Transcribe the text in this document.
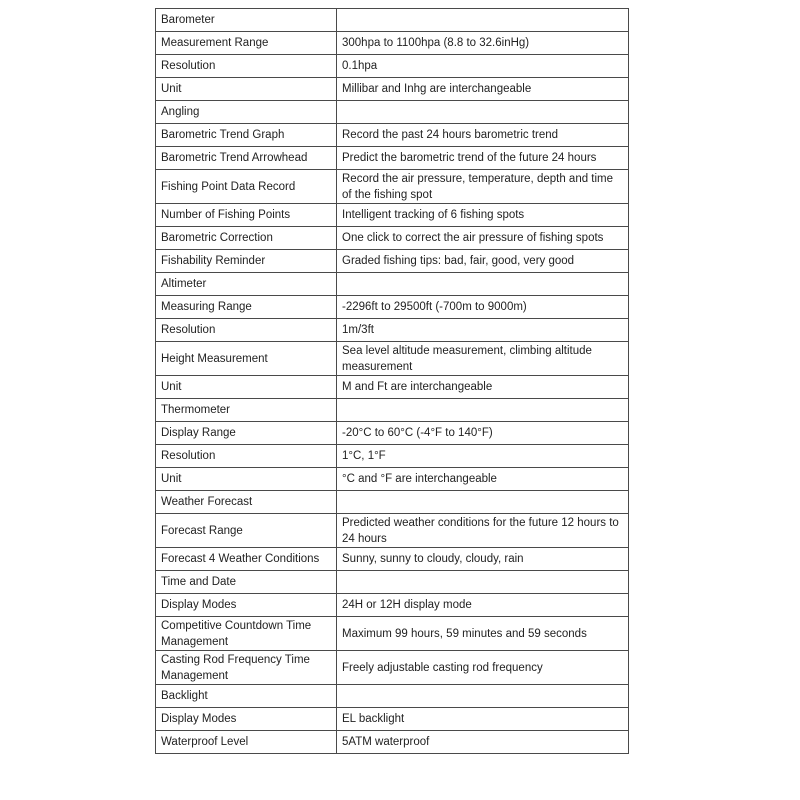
Barometer	
Measurement Range	300hpa to 1100hpa (8.8 to 32.6inHg)
Resolution	0.1hpa
Unit	Millibar and Inhg are interchangeable
Angling	
Barometric Trend Graph	Record the past 24 hours barometric trend
Barometric Trend Arrowhead	Predict the barometric trend of the future 24 hours
Fishing Point Data Record	Record the air pressure, temperature, depth and time of the fishing spot
Number of Fishing Points	Intelligent tracking of 6 fishing spots
Barometric Correction	One click to correct the air pressure of fishing spots
Fishability Reminder	Graded fishing tips: bad, fair, good, very good
Altimeter	
Measuring Range	-2296ft to 29500ft (-700m to 9000m)
Resolution	1m/3ft
Height Measurement	Sea level altitude measurement, climbing altitude measurement
Unit	M and Ft are interchangeable
Thermometer	
Display Range	-20°C to 60°C (-4°F to 140°F)
Resolution	1°C, 1°F
Unit	°C and °F are interchangeable
Weather Forecast	
Forecast Range	Predicted weather conditions for the future 12 hours to 24 hours
Forecast 4 Weather Conditions	Sunny, sunny to cloudy, cloudy, rain
Time and Date	
Display Modes	24H or 12H display mode
Competitive Countdown Time Management	Maximum 99 hours, 59 minutes and 59 seconds
Casting Rod Frequency Time Management	Freely adjustable casting rod frequency
Backlight	
Display Modes	EL backlight
Waterproof Level	5ATM waterproof
